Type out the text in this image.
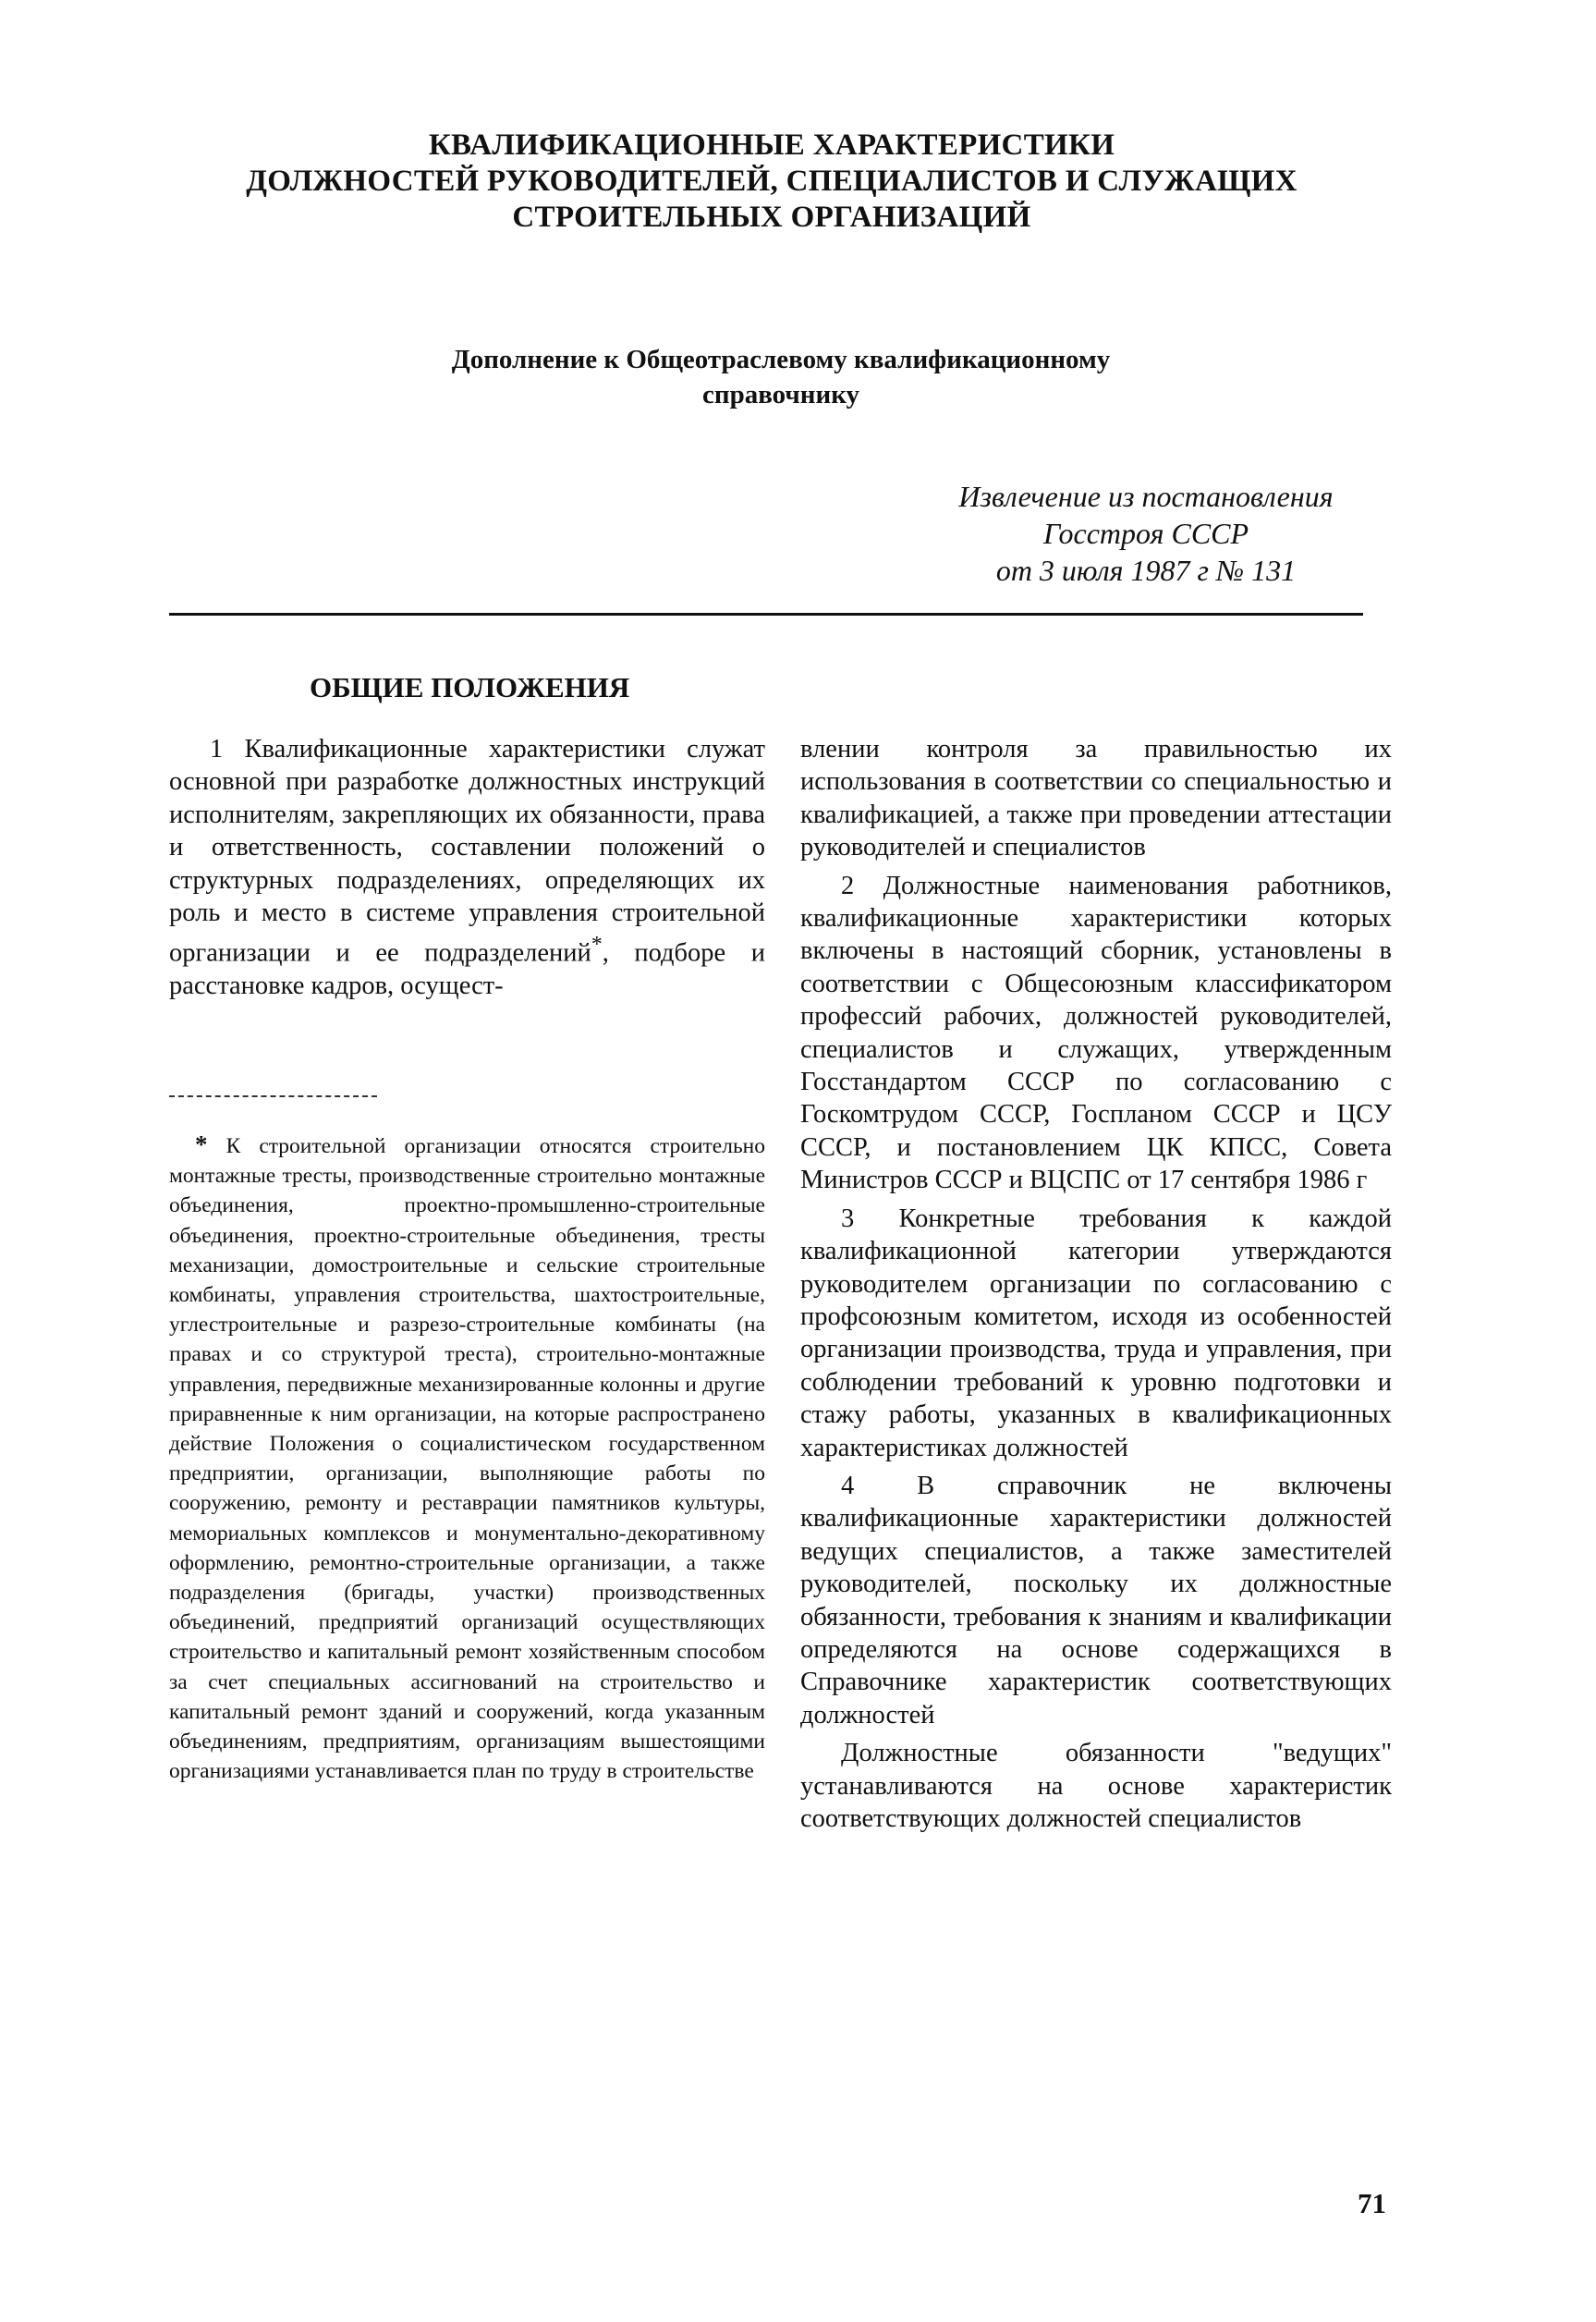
КВАЛИФИКАЦИОННЫЕ ХАРАКТЕРИСТИКИ
ДОЛЖНОСТЕЙ РУКОВОДИТЕЛЕЙ, СПЕЦИАЛИСТОВ И СЛУЖАЩИХ
СТРОИТЕЛЬНЫХ ОРГАНИЗАЦИЙ
Дополнение к Общеотраслевому квалификационному справочнику
Извлечение из постановления
Госстроя СССР
от 3 июля 1987 г № 131
ОБЩИЕ ПОЛОЖЕНИЯ

1 Квалификационные характеристики служат основной при разработке должностных инструкций исполнителям, закрепляющих их обязанности, права и ответственность, составлении положений о структурных подразделениях, определяющих их роль и место в системе управления строительной организации и ее подразделений*, подборе и расстановке кадров, осущест-

* К строительной организации относятся строительно монтажные тресты, производственные строительно монтажные объединения, проектно-промышленно-строительные объединения, проектно-строительные объединения, тресты механизации, домостроительные и сельские строительные комбинаты, управления строительства, шахтостроительные, углестроительные и разрезо-строительные комбинаты (на правах и со структурой треста), строительно-монтажные управления, передвижные механизированные колонны и другие приравненные к ним организации, на которые распространено действие Положения о социалистическом государственном предприятии, организации, выполняющие работы по сооружению, ремонту и реставрации памятников культуры, мемориальных комплексов и монументально-декоративному оформлению, ремонтно-строительные организации, а также подразделения (бригады, участки) производственных объединений, предприятий организаций осуществляющих строительство и капитальный ремонт хозяйственным способом за счет специальных ассигнований на строительство и капитальный ремонт зданий и сооружений, когда указанным объединениям, предприятиям, организациям вышестоящими организациями устанавливается план по труду в строительстве

влении контроля за правильностью их использования в соответствии со специальностью и квалификацией, а также при проведении аттестации руководителей и специалистов

2 Должностные наименования работников, квалификационные характеристики которых включены в настоящий сборник, установлены в соответствии с Общесоюзным классификатором профессий рабочих, должностей руководителей, специалистов и служащих, утвержденным Госстандартом СССР по согласованию с Госкомтрудом СССР, Госпланом СССР и ЦСУ СССР, и постановлением ЦК КПСС, Совета Министров СССР и ВЦСПС от 17 сентября 1986 г

3 Конкретные требования к каждой квалификационной категории утверждаются руководителем организации по согласованию с профсоюзным комитетом, исходя из особенностей организации производства, труда и управления, при соблюдении требований к уровню подготовки и стажу работы, указанных в квалификационных характеристиках должностей

4 В справочник не включены квалификационные характеристики должностей ведущих специалистов, а также заместителей руководителей, поскольку их должностные обязанности, требования к знаниям и квалификации определяются на основе содержащихся в Справочнике характеристик соответствующих должностей

Должностные обязанности "ведущих" устанавливаются на основе характеристик соответствующих должностей специалистов

71
